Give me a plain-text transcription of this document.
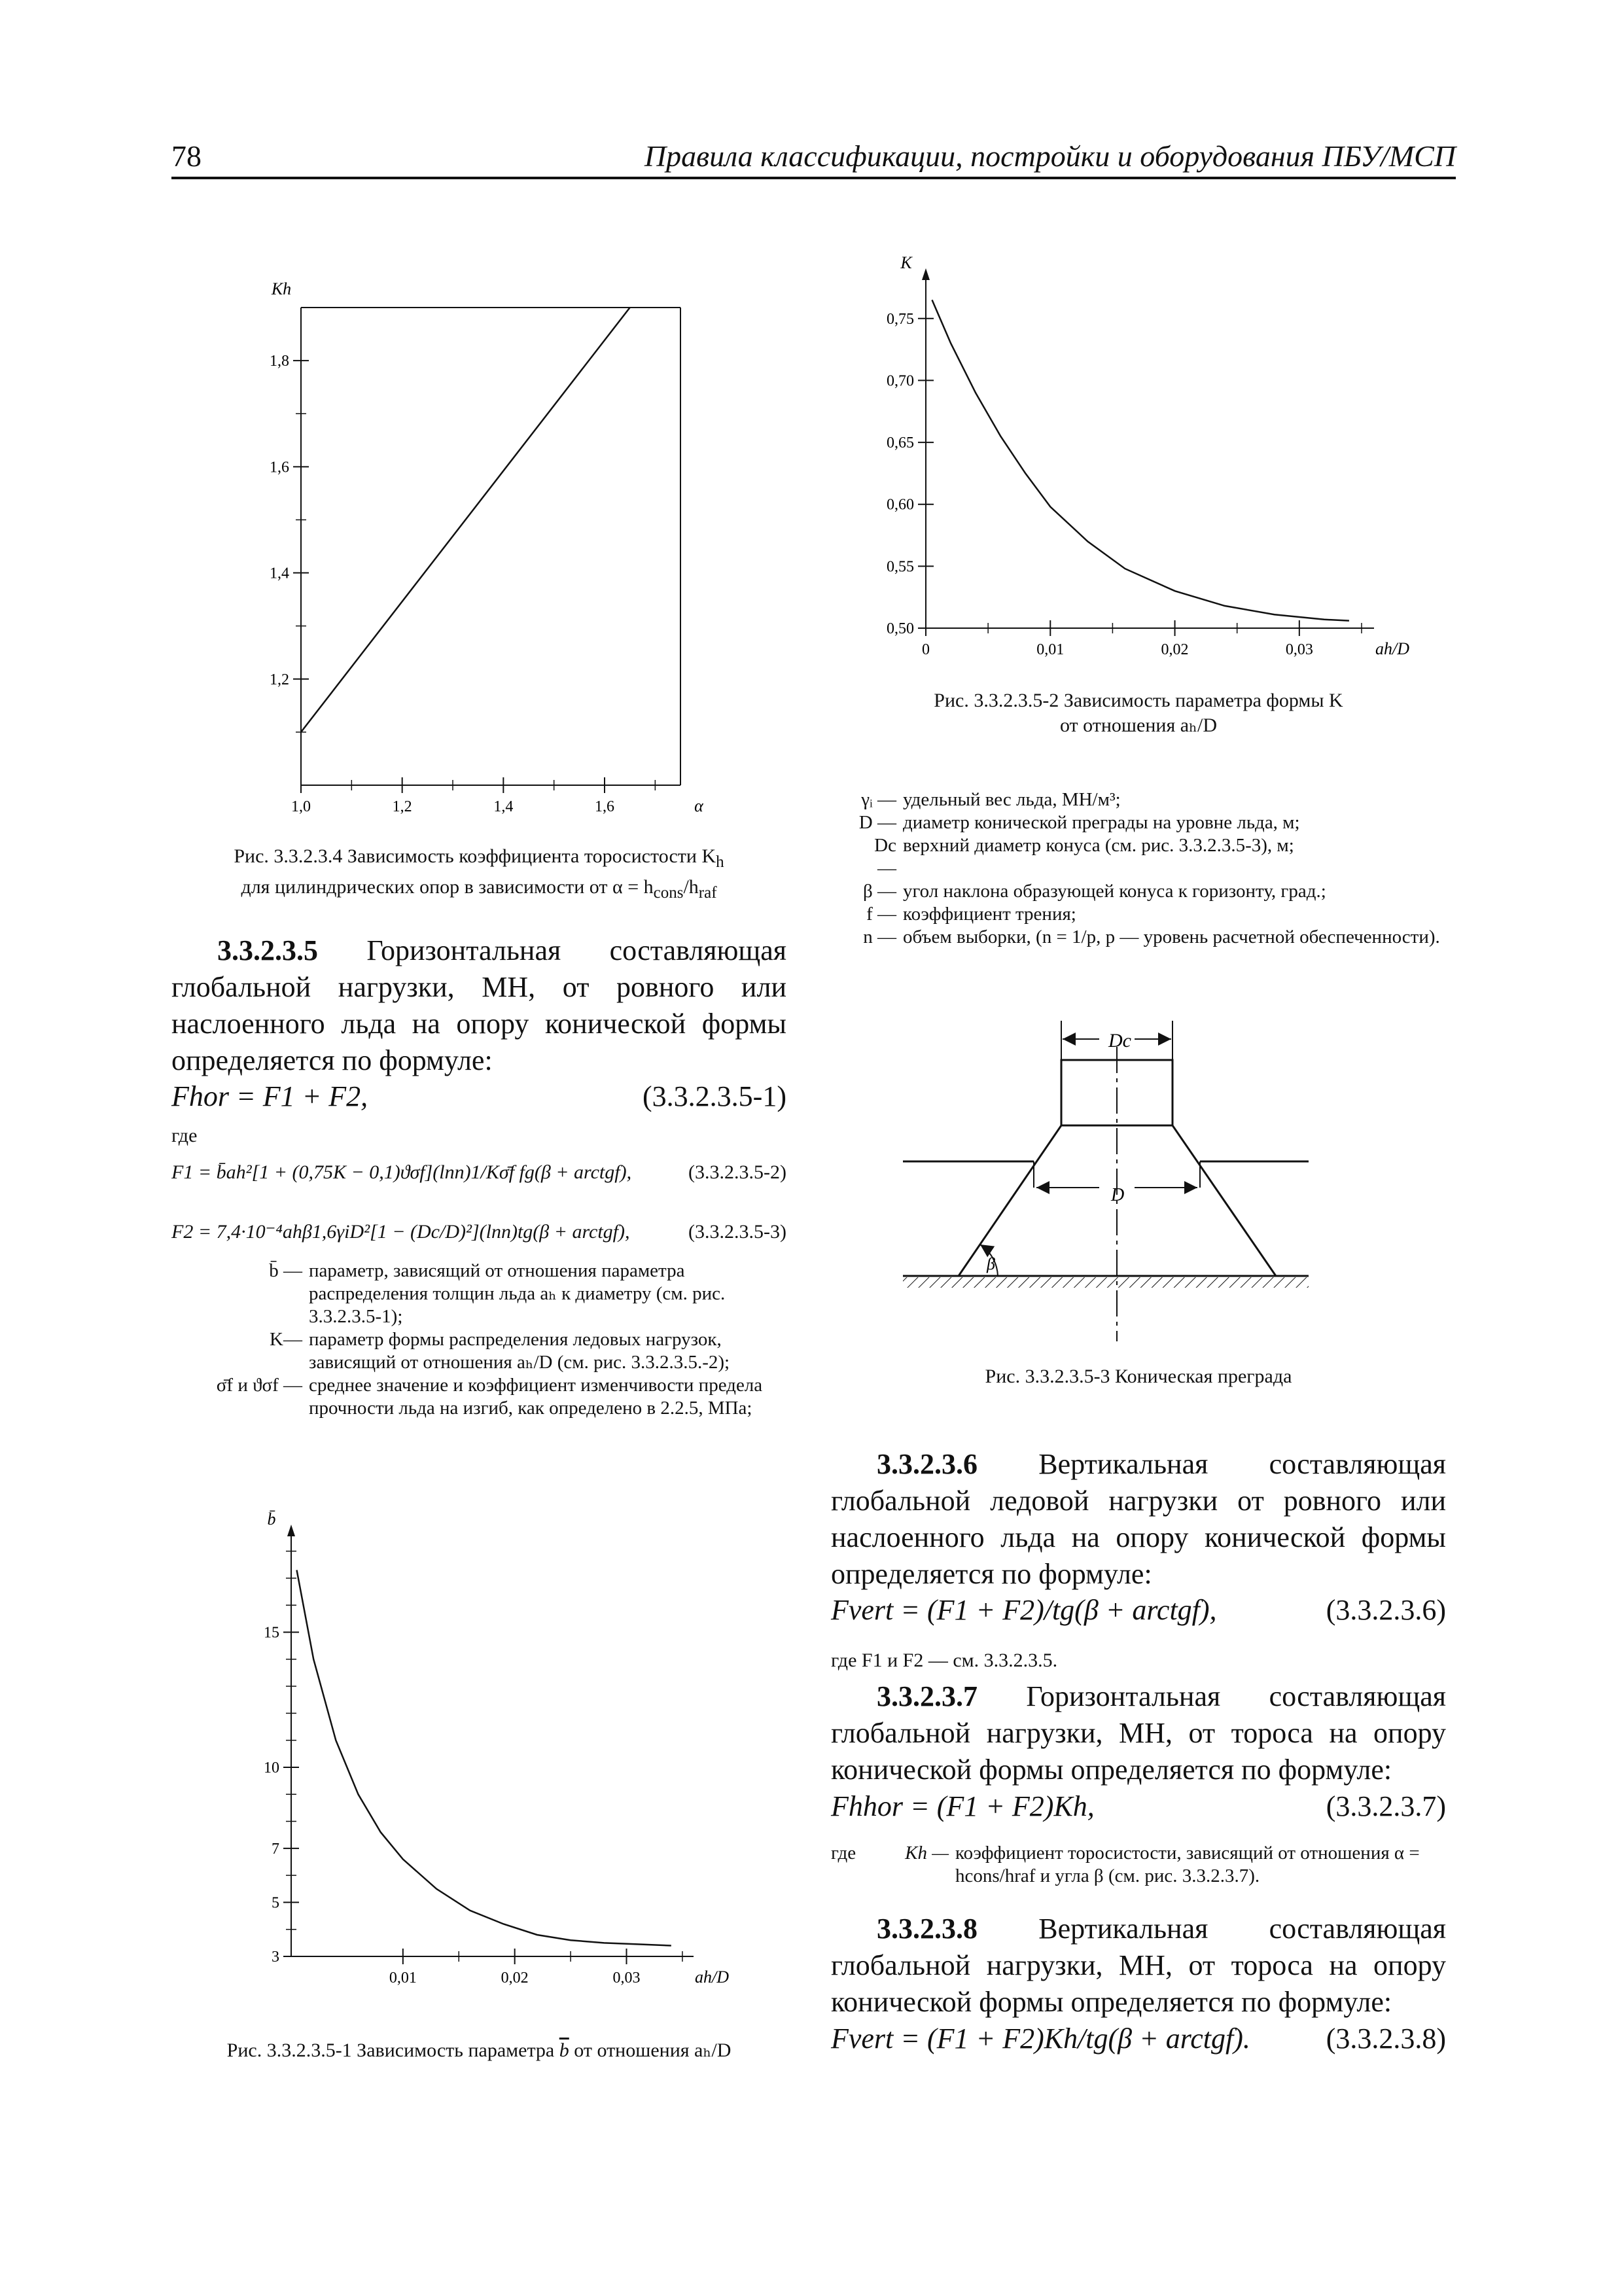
78	Правила классификации, постройки и оборудования ПБУ/МСП
1,0	1,2	1,4	1,6
1,2
1,4
1,6
1,8
α
Kh
Рис. 3.3.2.3.4 Зависимость коэффициента торосистости $K_h$
для цилиндрических опор в зависимости от $\alpha = h_{cons}/h_{raf}$
3.3.2.3.5 Горизонтальная составляющая глобальной нагрузки, МН, от ровного или наслоенного льда на опору конической формы определяется по формуле:
Fhor = F1 + F2,	(3.3.2.3.5-1)
где
F1 = b̄ah²[1 + (0,75K − 0,1)ϑσf](lnn)1/Kσ̄f fg(β + arctgf),	(3.3.2.3.5-2)
F2 = 7,4·10⁻⁴ahβ1,6γiD²[1 − (Dc/D)²](lnn)tg(β + arctgf),	(3.3.2.3.5-3)
b̄ — параметр, зависящий от отношения параметра распределения толщин льда aₕ к диаметру (см. рис. 3.3.2.3.5-1);
K— параметр формы распределения ледовых нагрузок, зависящий от отношения aₕ/D (см. рис. 3.3.2.3.5.-2);
σ̄f и ϑσf — среднее значение и коэффициент изменчивости предела прочности льда на изгиб, как определено в 2.2.5, МПа;
0,01	0,02	0,03
3
5
7
10
15
ah/D
b̄
Рис. 3.3.2.3.5-1 Зависимость параметра $\overline{b}$ от отношения aₕ/D
0	0,01	0,02	0,03
0,50
0,55
0,60
0,65
0,70
0,75
ah/D
K
Рис. 3.3.2.3.5-2 Зависимость параметра формы K
от отношения aₕ/D
γᵢ — удельный вес льда, МН/м³;
D — диаметр конической преграды на уровне льда, м;
Dc —
верхний диаметр конуса (см. рис. 3.3.2.3.5-3), м;
β — угол наклона образующей конуса к горизонту, град.;
f — коэффициент трения;
n — объем выборки, (n = 1/p, p — уровень расчетной обеспеченности).
Dc
D
β
Рис. 3.3.2.3.5-3 Коническая преграда
3.3.2.3.6 Вертикальная составляющая глобальной ледовой нагрузки от ровного или наслоенного льда на опору конической формы определяется по формуле:
Fvert = (F1 + F2)/tg(β + arctgf),	(3.3.2.3.6)
где F1 и F2 — см. 3.3.2.3.5.
3.3.2.3.7 Горизонтальная составляющая глобальной нагрузки, МН, от тороса на опору конической формы определяется по формуле:
Fhhor = (F1 + F2)Kh,	(3.3.2.3.7)
где	Kh — коэффициент торосистости, зависящий от отношения α = hcons/hraf и угла β (см. рис. 3.3.2.3.7).
3.3.2.3.8 Вертикальная составляющая глобальной нагрузки, МН, от тороса на опору конической формы определяется по формуле:
Fvert = (F1 + F2)Kh/tg(β + arctgf).	(3.3.2.3.8)
